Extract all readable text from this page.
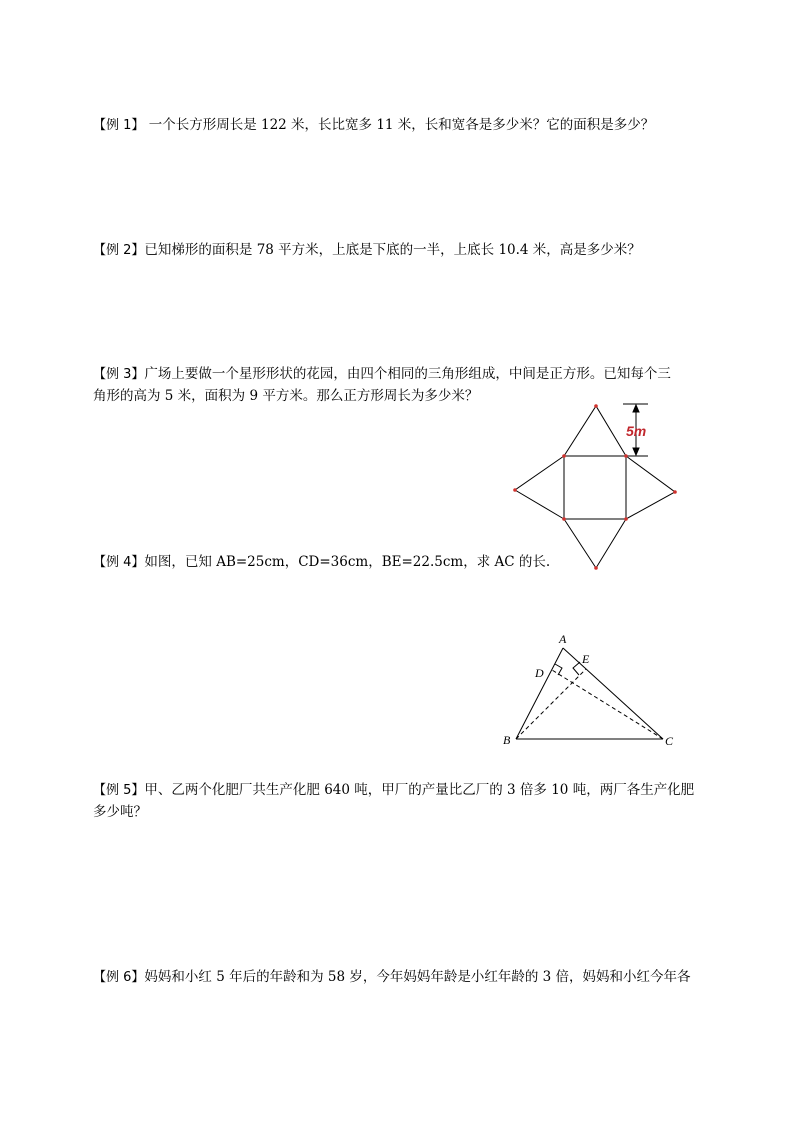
【例 1】 一个长方形周长是 122 米，长比宽多 11 米，长和宽各是多少米？它的面积是多少？
【例 2】已知梯形的面积是 78 平方米，上底是下底的一半，上底长 10.4 米，高是多少米？
【例 3】广场上要做一个星形形状的花园，由四个相同的三角形组成，中间是正方形。已知每个三
角形的高为 5 米，面积为 9 平方米。那么正方形周长为多少米？
5m
【例 4】如图，已知 AB=25cm，CD=36cm，BE=22.5cm，求 AC 的长.
A
B	C
D
E
【例 5】甲、乙两个化肥厂共生产化肥 640 吨，甲厂的产量比乙厂的 3 倍多 10 吨，两厂各生产化肥
多少吨？
【例 6】妈妈和小红 5 年后的年龄和为 58 岁，今年妈妈年龄是小红年龄的 3 倍，妈妈和小红今年各
